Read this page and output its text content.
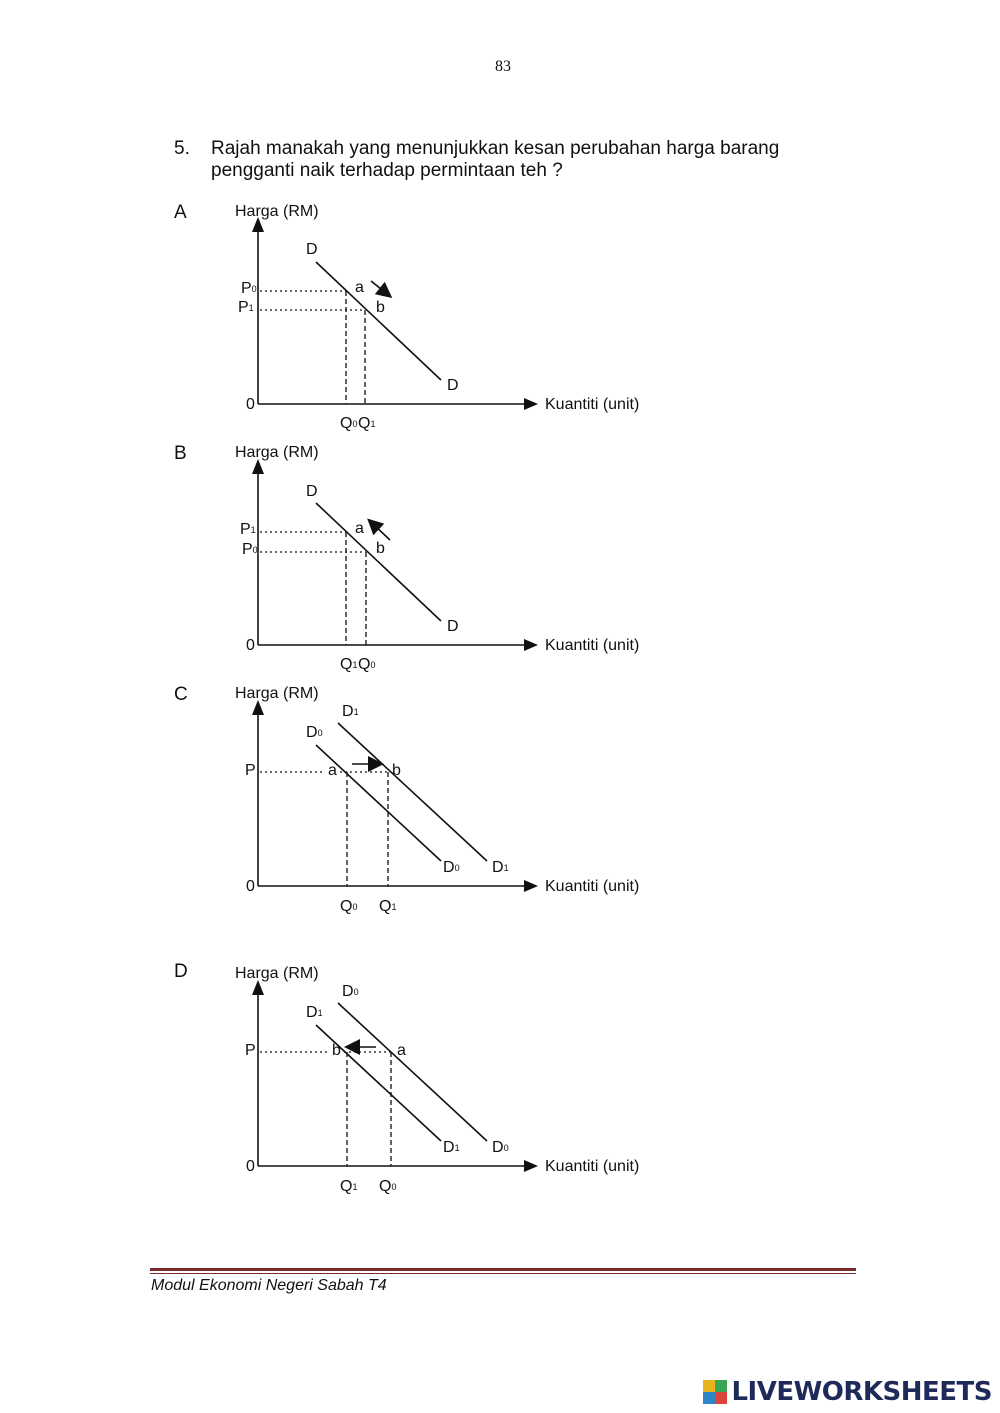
83
5. Rajah manakah yang menunjukkan kesan perubahan harga barang pengganti naik terhadap permintaan teh ?
A	Harga (RM)
Kuantiti (unit)
0
D
D
P0
P1
a
b
Q0 Q1
B	Harga (RM)
Kuantiti (unit)
0
D
D
P1
P0
a
b
Q1 Q0
C	Harga (RM)
Kuantiti (unit)
0
D0
D1
D0 D1
P	a	b
Q0 Q1
D	Harga (RM)
Kuantiti (unit)
0
D1
D0
D1 D0
P	b	a
Q1 Q0
Modul Ekonomi Negeri Sabah T4
LIVEWORKSHEETS
